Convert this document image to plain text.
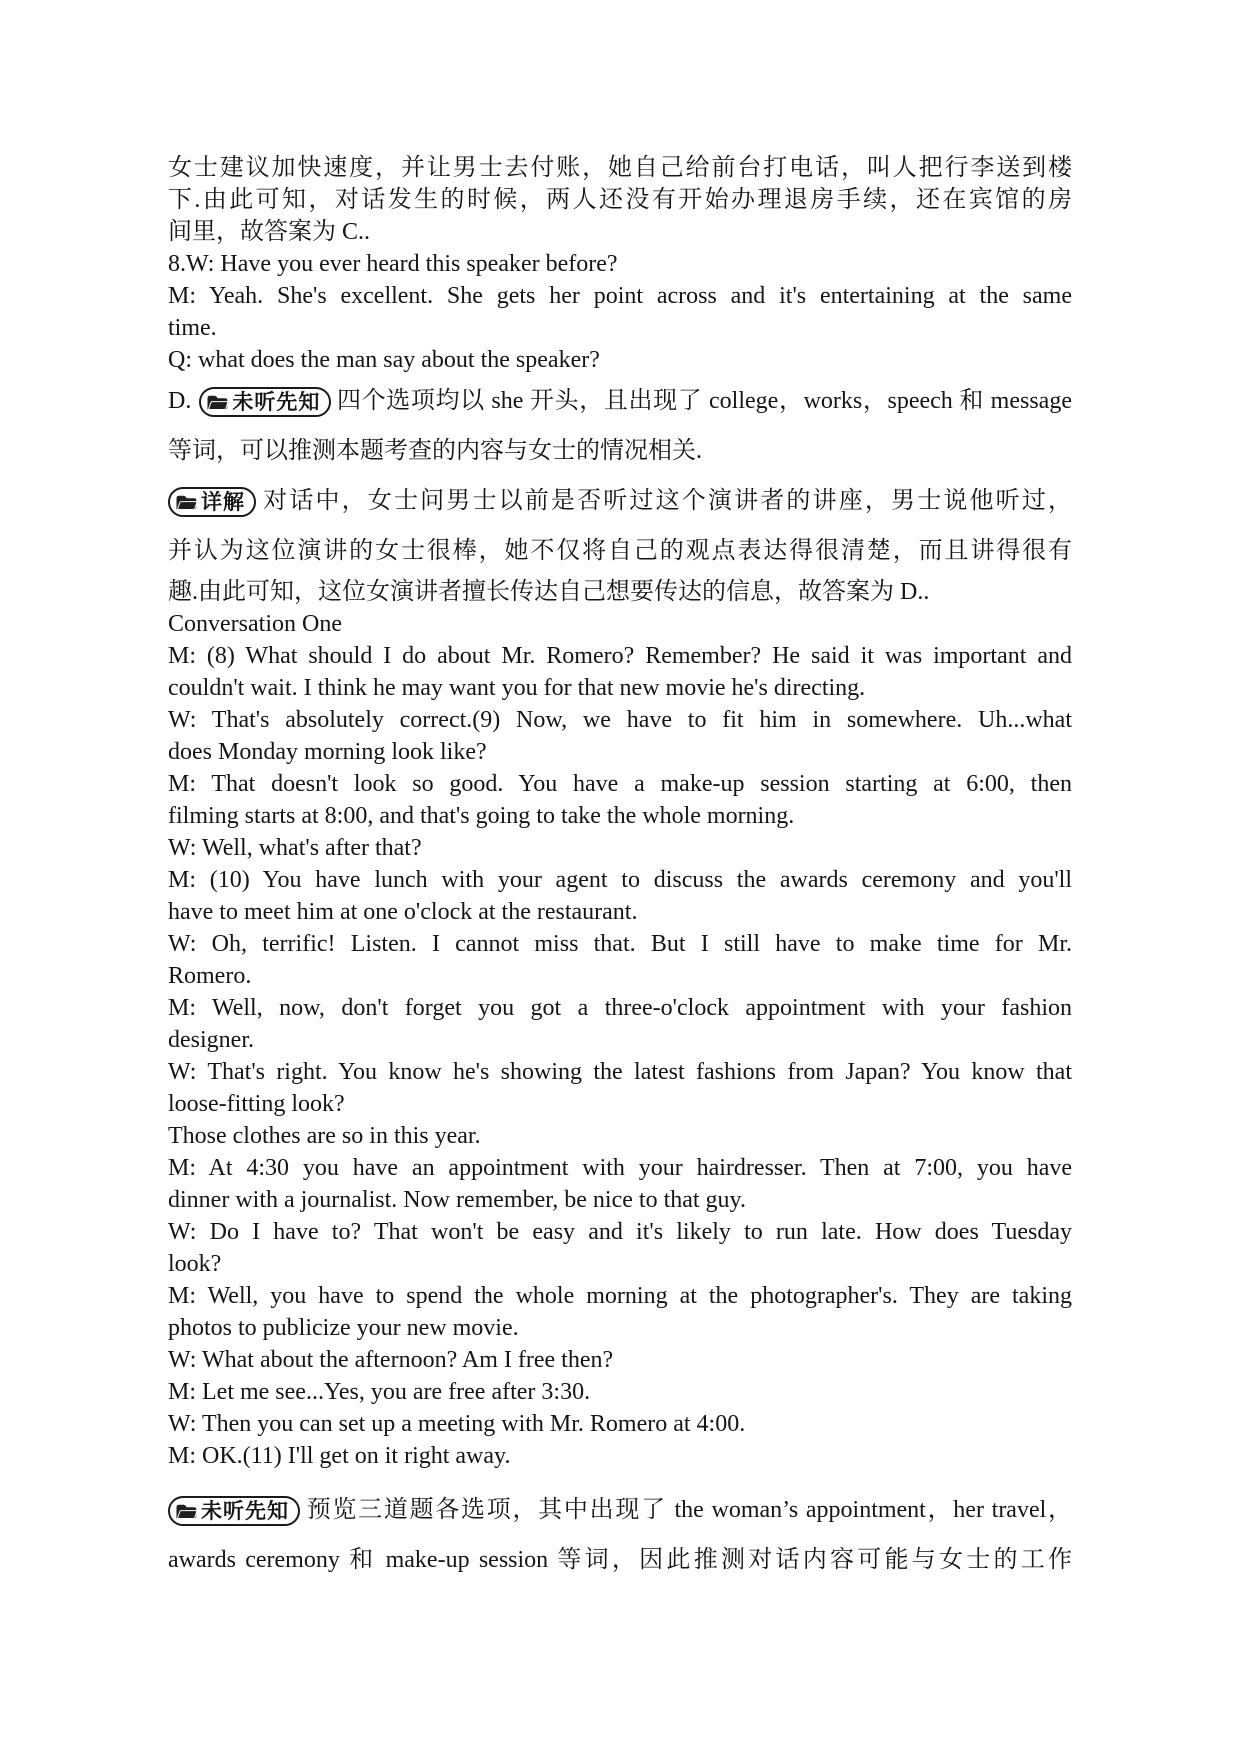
女士建议加快速度，并让男士去付账，她自己给前台打电话，叫人把行李送到楼
下.由此可知，对话发生的时候，两人还没有开始办理退房手续，还在宾馆的房
间里，故答案为 C..
8.W: Have you ever heard this speaker before?
M: Yeah. She's excellent. She gets her point across and it's entertaining at the same
time.
Q: what does the man say about the speaker?
D. 未听先知 四个选项均以 she 开头，且出现了 college，works，speech 和 message
等词，可以推测本题考查的内容与女士的情况相关.
详解 对话中，女士问男士以前是否听过这个演讲者的讲座，男士说他听过，
并认为这位演讲的女士很棒，她不仅将自己的观点表达得很清楚，而且讲得很有
趣.由此可知，这位女演讲者擅长传达自己想要传达的信息，故答案为 D..
Conversation One
M: (8) What should I do about Mr. Romero? Remember? He said it was important and
couldn't wait. I think he may want you for that new movie he's directing.
W: That's absolutely correct.(9) Now, we have to fit him in somewhere. Uh...what
does Monday morning look like?
M: That doesn't look so good. You have a make-up session starting at 6:00, then
filming starts at 8:00, and that's going to take the whole morning.
W: Well, what's after that?
M: (10) You have lunch with your agent to discuss the awards ceremony and you'll
have to meet him at one o'clock at the restaurant.
W: Oh, terrific! Listen. I cannot miss that. But I still have to make time for Mr.
Romero.
M: Well, now, don't forget you got a three-o'clock appointment with your fashion
designer.
W: That's right. You know he's showing the latest fashions from Japan? You know that
loose-fitting look?
Those clothes are so in this year.
M: At 4:30 you have an appointment with your hairdresser. Then at 7:00, you have
dinner with a journalist. Now remember, be nice to that guy.
W: Do I have to? That won't be easy and it's likely to run late. How does Tuesday
look?
M: Well, you have to spend the whole morning at the photographer's. They are taking
photos to publicize your new movie.
W: What about the afternoon? Am I free then?
M: Let me see...Yes, you are free after 3:30.
W: Then you can set up a meeting with Mr. Romero at 4:00.
M: OK.(11) I'll get on it right away.
未听先知 预览三道题各选项，其中出现了 the woman’s appointment，her travel，
awards ceremony 和 make-up session 等词，因此推测对话内容可能与女士的工作
